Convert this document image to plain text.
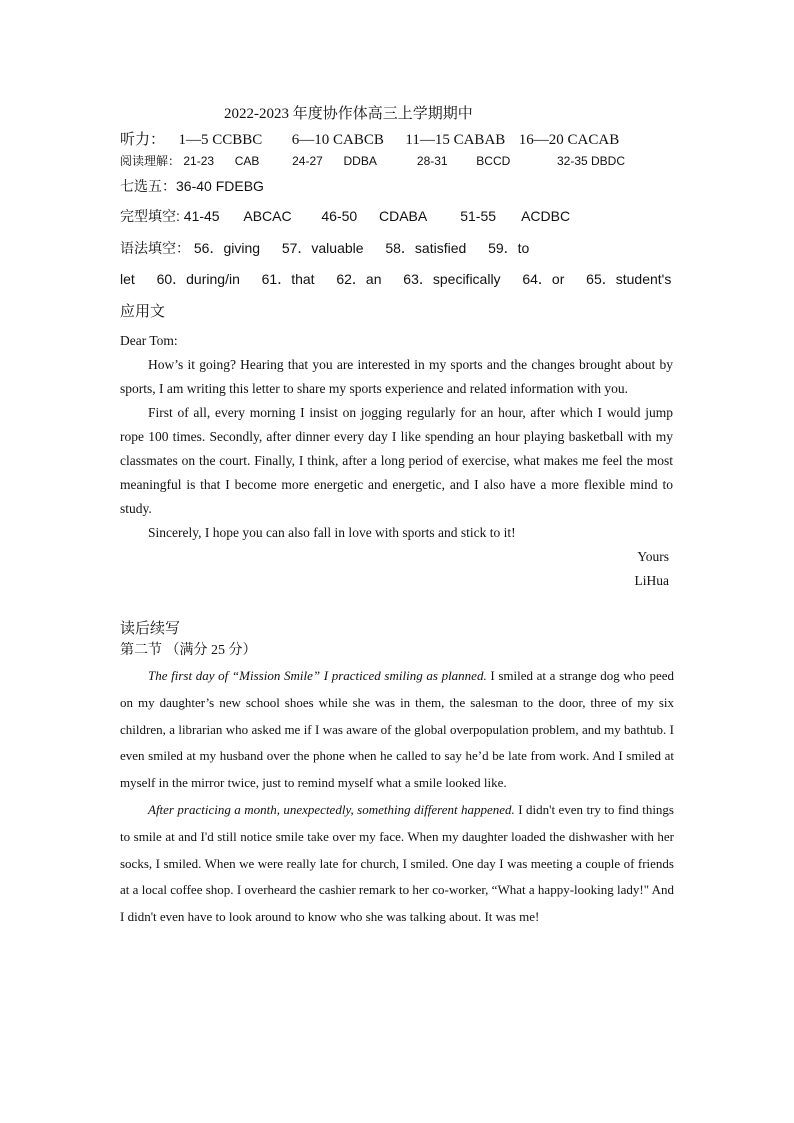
2022-2023 年度协作体高三上学期期中
听力： 1—5 CCBBC 6—10 CABCB 11—15 CABAB 16—20 CACAB
阅读理解： 21-23 CAB	24-27 DDBA	28-31 BCCD	32-35 DBDC
七选五：36-40 FDEBG
完型填空: 41-45 ABCAC 46-50 CDABA 51-55 ACDBC
语法填空： 56．giving 57．valuable 58．satisfied 59．to
let 60．during/in 61．that 62．an 63．specifically 64．or 65．student's
应用文

Dear Tom:

How’s it going? Hearing that you are interested in my sports and the changes brought about by sports, I am writing this letter to share my sports experience and related information with you.

First of all, every morning I insist on jogging regularly for an hour, after which I would jump rope 100 times. Secondly, after dinner every day I like spending an hour playing basketball with my classmates on the court. Finally, I think, after a long period of exercise, what makes me feel the most meaningful is that I become more energetic and energetic, and I also have a more flexible mind to study.

Sincerely, I hope you can also fall in love with sports and stick to it!

Yours

LiHua

读后续写
第二节 （满分 25 分）

The first day of “Mission Smile” I practiced smiling as planned. I smiled at a strange dog who peed on my daughter’s new school shoes while she was in them, the salesman to the door, three of my six children, a librarian who asked me if I was aware of the global overpopulation problem, and my bathtub. I even smiled at my husband over the phone when he called to say he’d be late from work. And I smiled at myself in the mirror twice, just to remind myself what a smile looked like.

After practicing a month, unexpectedly, something different happened. I didn't even try to find things to smile at and I'd still notice smile take over my face. When my daughter loaded the dishwasher with her socks, I smiled. When we were really late for church, I smiled. One day I was meeting a couple of friends at a local coffee shop. I overheard the cashier remark to her co-worker, “What a happy-looking lady!" And I didn't even have to look around to know who she was talking about. It was me!
